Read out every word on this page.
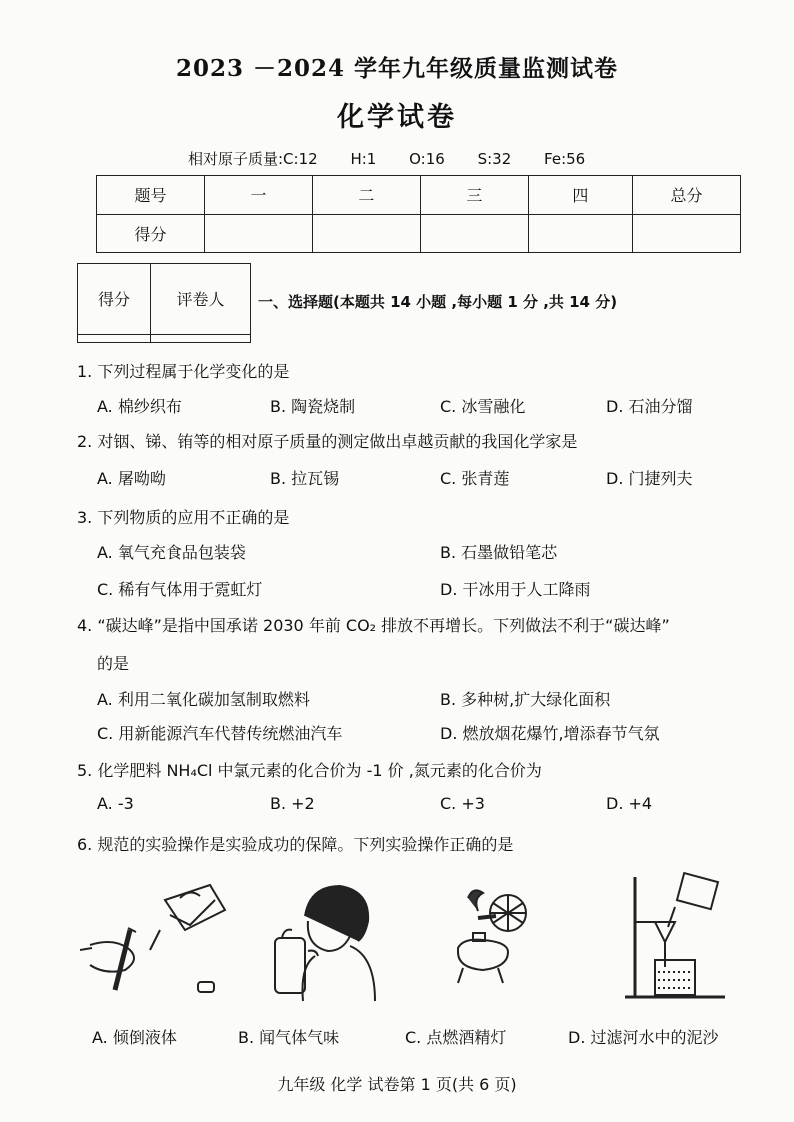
2023 －2024 学年九年级质量监测试卷
化学试卷
相对原子质量:C:12 H:1 O:16 S:32 Fe:56
题号	一	二	三	四	总分
得分					
得分	评卷人
	一、选择题(本题共 14 小题 ,每小题 1 分 ,共 14 分)
1. 下列过程属于化学变化的是
A. 棉纱织布	B. 陶瓷烧制	C. 冰雪融化	D. 石油分馏
2. 对铟、锑、铕等的相对原子质量的测定做出卓越贡献的我国化学家是
A. 屠呦呦	B. 拉瓦锡	C. 张青莲	D. 门捷列夫
3. 下列物质的应用不正确的是
A. 氧气充食品包装袋	B. 石墨做铅笔芯
C. 稀有气体用于霓虹灯	D. 干冰用于人工降雨
4. “碳达峰”是指中国承诺 2030 年前 CO₂ 排放不再增长。下列做法不利于“碳达峰”
的是
A. 利用二氧化碳加氢制取燃料	B. 多种树,扩大绿化面积
C. 用新能源汽车代替传统燃油汽车	D. 燃放烟花爆竹,增添春节气氛
5. 化学肥料 NH₄Cl 中氯元素的化合价为 -1 价 ,氮元素的化合价为
A. -3	B. +2	C. +3	D. +4
6. 规范的实验操作是实验成功的保障。下列实验操作正确的是
A. 倾倒液体	B. 闻气体气味	C. 点燃酒精灯	D. 过滤河水中的泥沙
九年级 化学 试卷第 1 页(共 6 页)
